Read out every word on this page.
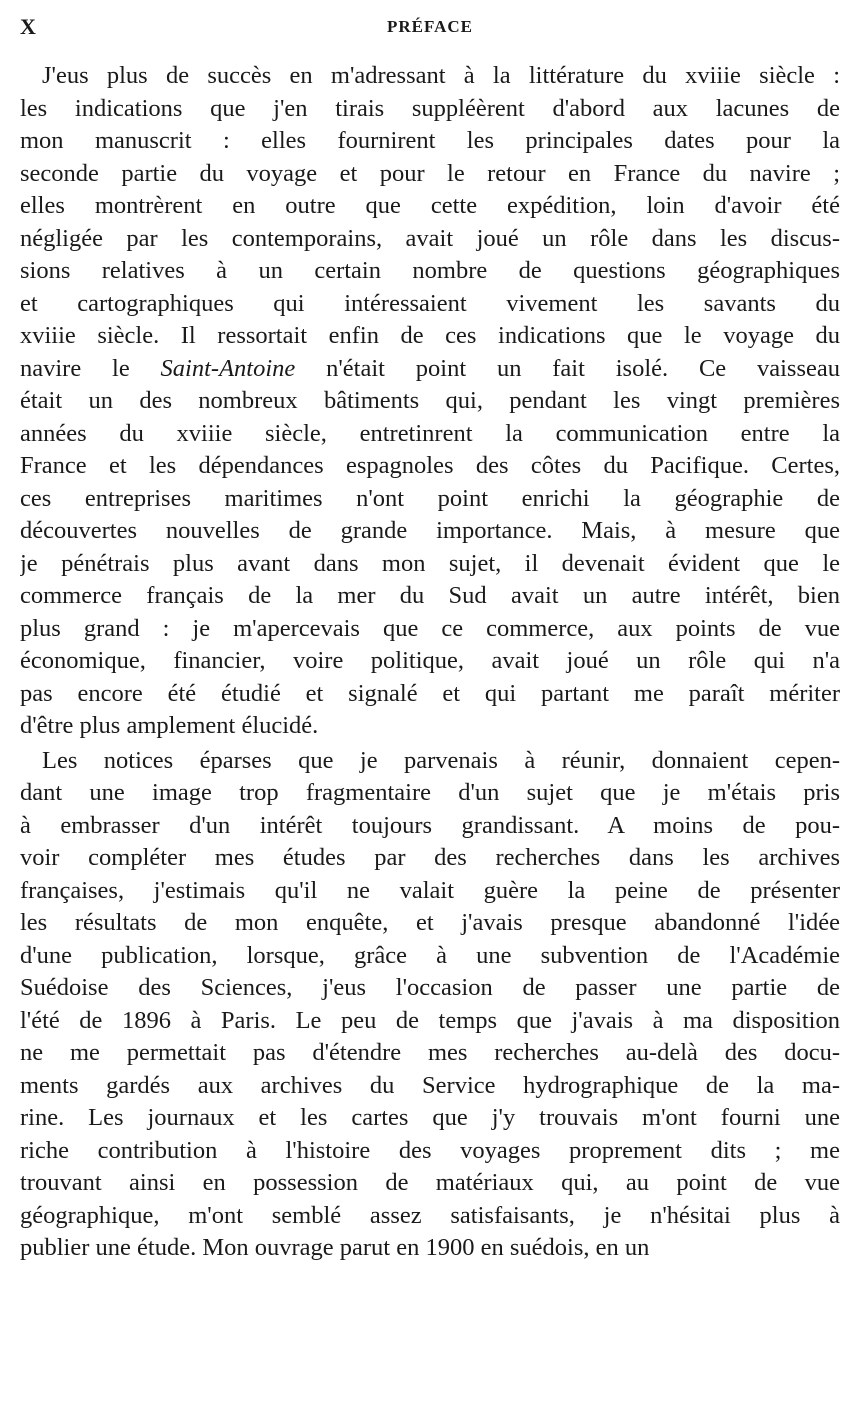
X	PRÉFACE
J'eus plus de succès en m'adressant à la littérature du xviiie siècle :
les indications que j'en tirais suppléèrent d'abord aux lacunes de
mon manuscrit : elles fournirent les principales dates pour la
seconde partie du voyage et pour le retour en France du navire ;
elles montrèrent en outre que cette expédition, loin d'avoir été
négligée par les contemporains, avait joué un rôle dans les discus-
sions relatives à un certain nombre de questions géographiques
et cartographiques qui intéressaient vivement les savants du
xviiie siècle. Il ressortait enfin de ces indications que le voyage du
navire le Saint-Antoine n'était point un fait isolé. Ce vaisseau
était un des nombreux bâtiments qui, pendant les vingt premières
années du xviiie siècle, entretinrent la communication entre la
France et les dépendances espagnoles des côtes du Pacifique. Certes,
ces entreprises maritimes n'ont point enrichi la géographie de
découvertes nouvelles de grande importance. Mais, à mesure que
je pénétrais plus avant dans mon sujet, il devenait évident que le
commerce français de la mer du Sud avait un autre intérêt, bien
plus grand : je m'apercevais que ce commerce, aux points de vue
économique, financier, voire politique, avait joué un rôle qui n'a
pas encore été étudié et signalé et qui partant me paraît mériter
d'être plus amplement élucidé.
Les notices éparses que je parvenais à réunir, donnaient cepen-
dant une image trop fragmentaire d'un sujet que je m'étais pris
à embrasser d'un intérêt toujours grandissant. A moins de pou-
voir compléter mes études par des recherches dans les archives
françaises, j'estimais qu'il ne valait guère la peine de présenter
les résultats de mon enquête, et j'avais presque abandonné l'idée
d'une publication, lorsque, grâce à une subvention de l'Académie
Suédoise des Sciences, j'eus l'occasion de passer une partie de
l'été de 1896 à Paris. Le peu de temps que j'avais à ma disposition
ne me permettait pas d'étendre mes recherches au-delà des docu-
ments gardés aux archives du Service hydrographique de la ma-
rine. Les journaux et les cartes que j'y trouvais m'ont fourni une
riche contribution à l'histoire des voyages proprement dits ; me
trouvant ainsi en possession de matériaux qui, au point de vue
géographique, m'ont semblé assez satisfaisants, je n'hésitai plus à
publier une étude. Mon ouvrage parut en 1900 en suédois, en un
